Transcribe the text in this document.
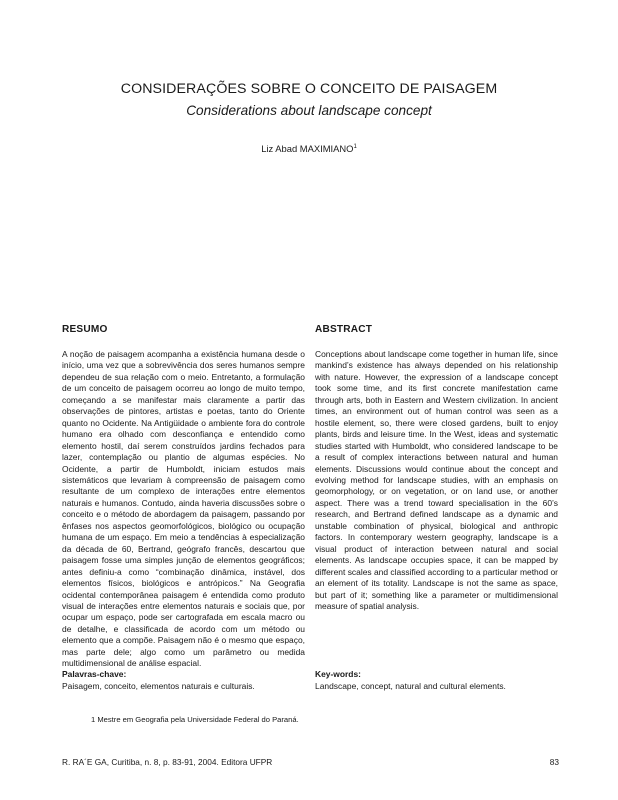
CONSIDERAÇÕES SOBRE O CONCEITO DE PAISAGEM
Considerations about landscape concept
Liz Abad MAXIMIANO$^1$
RESUMO

A noção de paisagem acompanha a existência humana desde o início, uma vez que a sobrevivência dos seres humanos sempre dependeu de sua relação com o meio. Entretanto, a formulação de um conceito de paisagem ocorreu ao longo de muito tempo, começando a se manifestar mais claramente a partir das observações de pintores, artistas e poetas, tanto do Oriente quanto no Ocidente. Na Antigüidade o ambiente fora do controle humano era olhado com desconfiança e entendido como elemento hostil, daí serem construídos jardins fechados para lazer, contemplação ou plantio de algumas espécies. No Ocidente, a partir de Humboldt, iniciam estudos mais sistemáticos que levariam à compreensão de paisagem como resultante de um complexo de interações entre elementos naturais e humanos. Contudo, ainda haveria discussões sobre o conceito e o método de abordagem da paisagem, passando por ênfases nos aspectos geomorfológicos, biológico ou ocupação humana de um espaço. Em meio a tendências à especialização da década de 60, Bertrand, geógrafo francês, descartou que paisagem fosse uma simples junção de elementos geográficos; antes definiu-a como “combinação dinâmica, instável, dos elementos físicos, biológicos e antrópicos.” Na Geografia ocidental contemporânea paisagem é entendida como produto visual de interações entre elementos naturais e sociais que, por ocupar um espaço, pode ser cartografada em escala macro ou de detalhe, e classificada de acordo com um método ou elemento que a compõe. Paisagem não é o mesmo que espaço, mas parte dele; algo como um parâmetro ou medida multidimensional de análise espacial.

ABSTRACT

Conceptions about landscape come together in human life, since mankind’s existence has always depended on his relationship with nature. However, the expression of a landscape concept took some time, and its first concrete manifestation came through arts, both in Eastern and Western civilization. In ancient times, an environment out of human control was seen as a hostile element, so, there were closed gardens, built to enjoy plants, birds and leisure time. In the West, ideas and systematic studies started with Humboldt, who considered landscape to be a result of complex interactions between natural and human elements. Discussions would continue about the concept and evolving method for landscape studies, with an emphasis on geomorphology, or on vegetation, or on land use, or another aspect. There was a trend toward specialisation in the 60’s research, and Bertrand defined landscape as a dynamic and unstable combination of physical, biological and anthropic factors. In contemporary western geography, landscape is a visual product of interaction between natural and social elements. As landscape occupies space, it can be mapped by different scales and classified according to a particular method or an element of its totality. Landscape is not the same as space, but part of it; something like a parameter or multidimensional measure of spatial analysis.

Palavras-chave:
Paisagem, conceito, elementos naturais e culturais.
Key-words:
Landscape, concept, natural and cultural elements.
1 Mestre em Geografia pela Universidade Federal do Paraná.
R. RA´E GA, Curitiba, n. 8, p. 83-91, 2004. Editora UFPR	83
